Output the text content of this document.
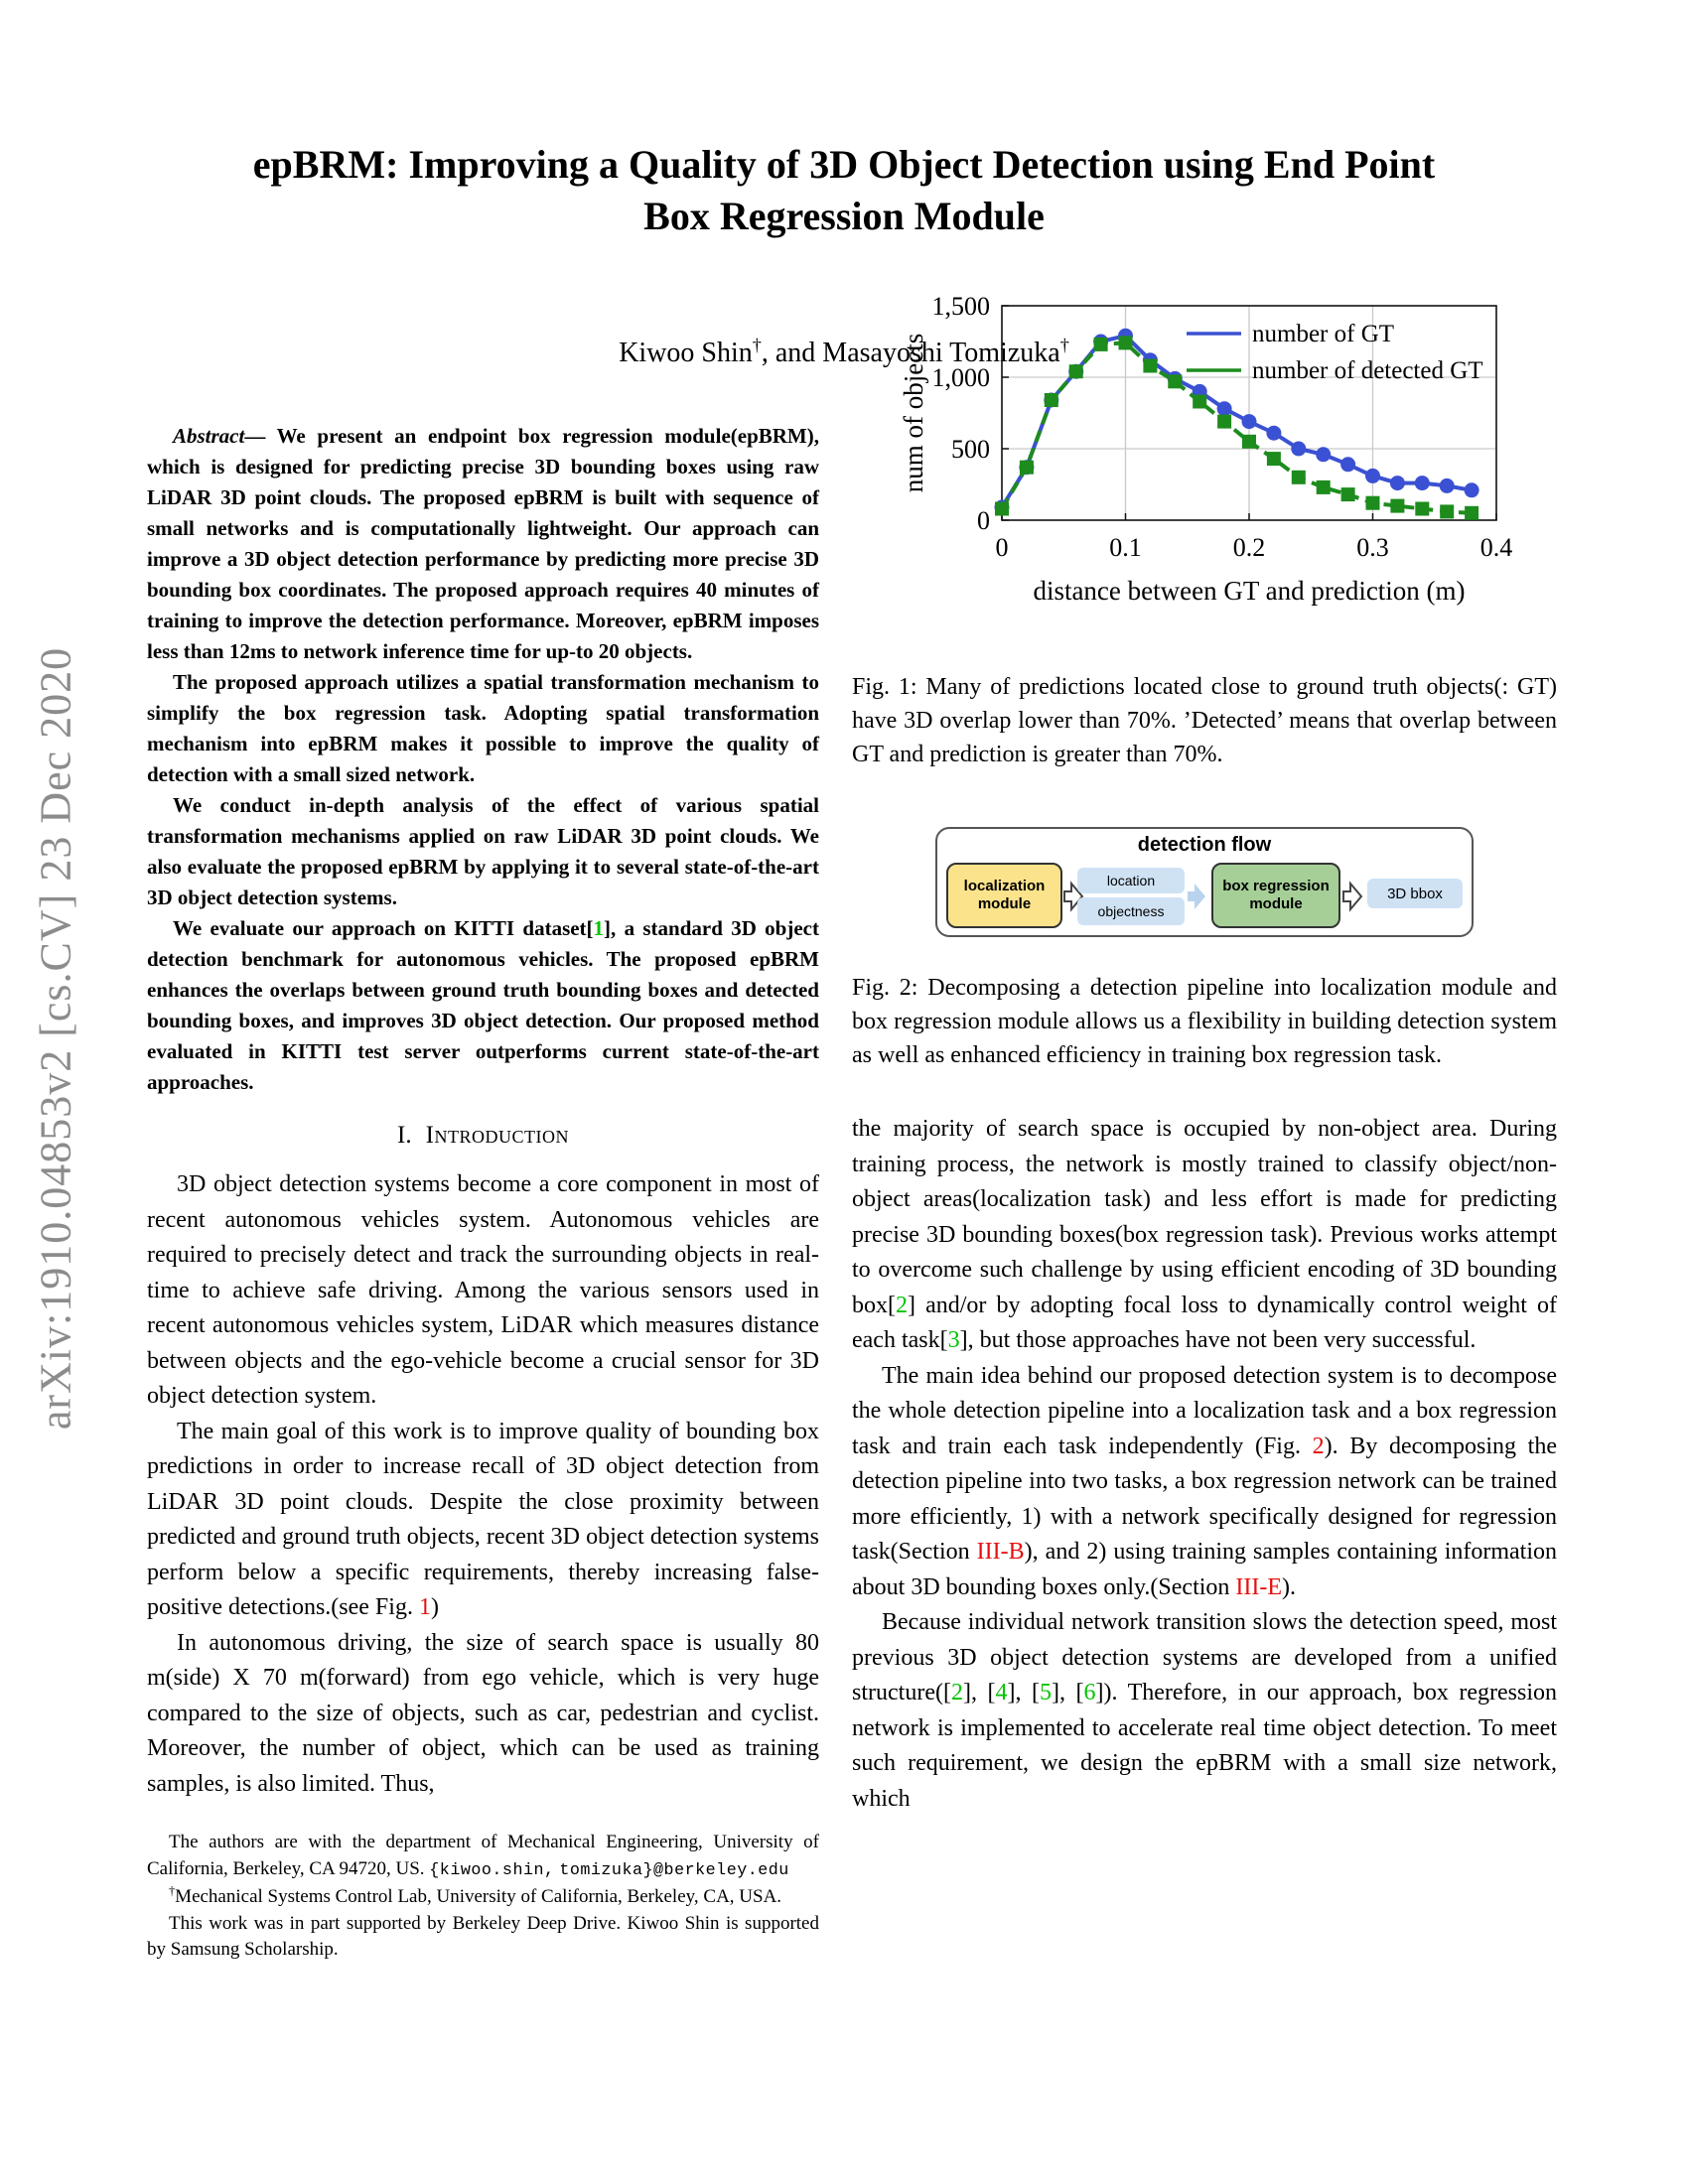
arXiv:1910.04853v2 [cs.CV] 23 Dec 2020
epBRM: Improving a Quality of 3D Object Detection using End Point
Box Regression Module
Kiwoo Shin†, and Masayoshi Tomizuka†

Abstract— We present an endpoint box regression module(epBRM), which is designed for predicting precise 3D bounding boxes using raw LiDAR 3D point clouds. The proposed epBRM is built with sequence of small networks and is computationally lightweight. Our approach can improve a 3D object detection performance by predicting more precise 3D bounding box coordinates. The proposed approach requires 40 minutes of training to improve the detection performance. Moreover, epBRM imposes less than 12ms to network inference time for up-to 20 objects.

The proposed approach utilizes a spatial transformation mechanism to simplify the box regression task. Adopting spatial transformation mechanism into epBRM makes it possible to improve the quality of detection with a small sized network.

We conduct in-depth analysis of the effect of various spatial transformation mechanisms applied on raw LiDAR 3D point clouds. We also evaluate the proposed epBRM by applying it to several state-of-the-art 3D object detection systems.

We evaluate our approach on KITTI dataset[1], a standard 3D object detection benchmark for autonomous vehicles. The proposed epBRM enhances the overlaps between ground truth bounding boxes and detected bounding boxes, and improves 3D object detection. Our proposed method evaluated in KITTI test server outperforms current state-of-the-art approaches.

I. Introduction

3D object detection systems become a core component in most of recent autonomous vehicles system. Autonomous vehicles are required to precisely detect and track the surrounding objects in real-time to achieve safe driving. Among the various sensors used in recent autonomous vehicles system, LiDAR which measures distance between objects and the ego-vehicle become a crucial sensor for 3D object detection system.

The main goal of this work is to improve quality of bounding box predictions in order to increase recall of 3D object detection from LiDAR 3D point clouds. Despite the close proximity between predicted and ground truth objects, recent 3D object detection systems perform below a specific requirements, thereby increasing false-positive detections.(see Fig. 1)

In autonomous driving, the size of search space is usually 80 m(side) X 70 m(forward) from ego vehicle, which is very huge compared to the size of objects, such as car, pedestrian and cyclist. Moreover, the number of object, which can be used as training samples, is also limited. Thus,

The authors are with the department of Mechanical Engineering, University of California, Berkeley, CA 94720, US. {kiwoo.shin, tomizuka}@berkeley.edu

†Mechanical Systems Control Lab, University of California, Berkeley, CA, USA.

This work was in part supported by Berkeley Deep Drive. Kiwoo Shin is supported by Samsung Scholarship.

0
500
1,000
1,500
0	0.1	0.2	0.3	0.4
distance between GT and prediction (m)
num of objects	number of GT
number of detected GT
Fig. 1: Many of predictions located close to ground truth objects(: GT) have 3D overlap lower than 70%. ’Detected’ means that overlap between GT and prediction is greater than 70%.
detection flow
localization module
location
objectness
box regression module
3D bbox
Fig. 2: Decomposing a detection pipeline into localization module and box regression module allows us a flexibility in building detection system as well as enhanced efficiency in training box regression task.

the majority of search space is occupied by non-object area. During training process, the network is mostly trained to classify object/non-object areas(localization task) and less effort is made for predicting precise 3D bounding boxes(box regression task). Previous works attempt to overcome such challenge by using efficient encoding of 3D bounding box[2] and/or by adopting focal loss to dynamically control weight of each task[3], but those approaches have not been very successful.

The main idea behind our proposed detection system is to decompose the whole detection pipeline into a localization task and a box regression task and train each task independently (Fig. 2). By decomposing the detection pipeline into two tasks, a box regression network can be trained more efficiently, 1) with a network specifically designed for regression task(Section III-B), and 2) using training samples containing information about 3D bounding boxes only.(Section III-E).

Because individual network transition slows the detection speed, most previous 3D object detection systems are developed from a unified structure([2], [4], [5], [6]). Therefore, in our approach, box regression network is implemented to accelerate real time object detection. To meet such requirement, we design the epBRM with a small size network, which
